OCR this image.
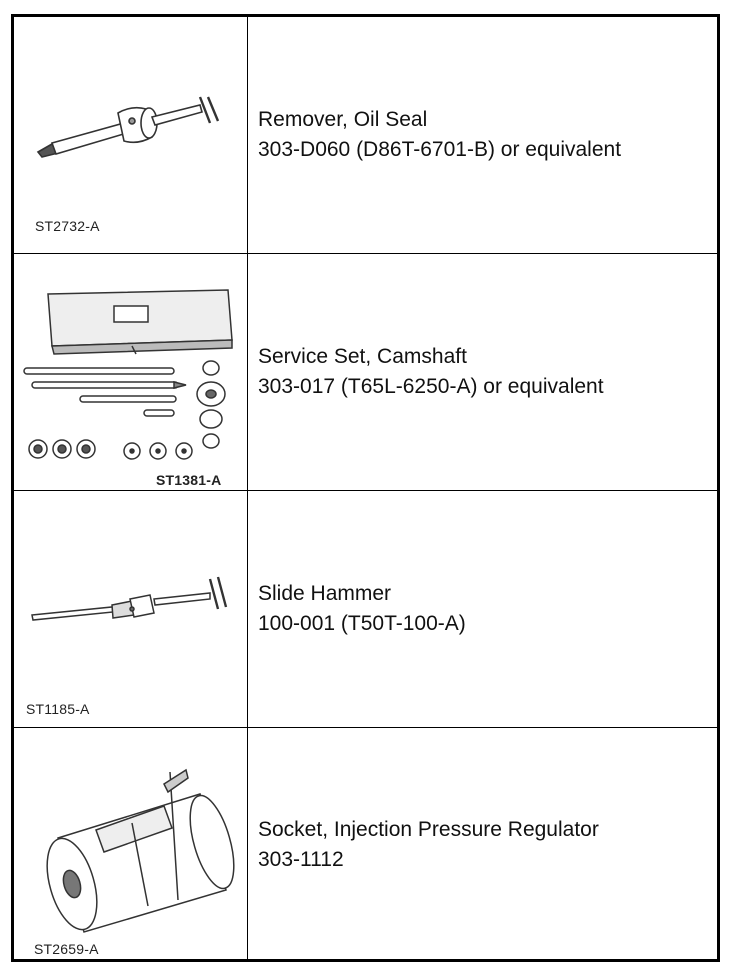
ST2732-A
Remover, Oil Seal
303-D060 (D86T-6701-B) or equivalent
ST1381-A
Service Set, Camshaft
303-017 (T65L-6250-A) or equivalent
ST1185-A
Slide Hammer
100-001 (T50T-100-A)
ST2659-A
Socket, Injection Pressure Regulator
303-1112
